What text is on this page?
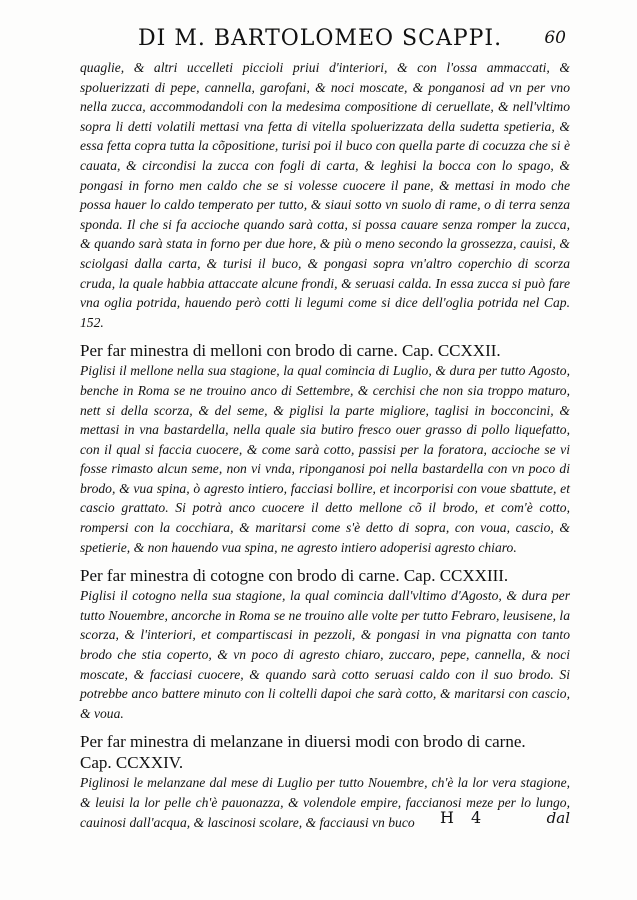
DI M. BARTOLOMEO SCAPPI. 60

quaglie, & altri uccelleti piccioli priui d'interiori, & con l'ossa ammaccati, & spoluerizzati di pepe, cannella, garofani, & noci moscate, & ponganosi ad vn per vno nella zucca, accommodandoli con la medesima compositione di ceruellate, & nell'vltimo sopra li detti volatili mettasi vna fetta di vitella spoluerizzata della sudetta spetieria, & essa fetta copra tutta la cõpositione, turisi poi il buco con quella parte di cocuzza che si è cauata, & circondisi la zucca con fogli di carta, & leghisi la bocca con lo spago, & pongasi in forno men caldo che se si volesse cuocere il pane, & mettasi in modo che possa hauer lo caldo temperato per tutto, & siaui sotto vn suolo di rame, o di terra senza sponda. Il che si fa accioche quando sarà cotta, si possa cauare senza romper la zucca, & quando sarà stata in forno per due hore, & più o meno secondo la grossezza, cauisi, & sciolgasi dalla carta, & turisi il buco, & pongasi sopra vn'altro coperchio di scorza cruda, la quale habbia attaccate alcune frondi, & seruasi calda. In essa zucca si può fare vna oglia potrida, hauendo però cotti li legumi come si dice dell'oglia potrida nel Cap. 152.

Per far minestra di melloni con brodo di carne. Cap. CCXXII.

Piglisi il mellone nella sua stagione, la qual comincia di Luglio, & dura per tutto Agosto, benche in Roma se ne trouino anco di Settembre, & cerchisi che non sia troppo maturo, nett si della scorza, & del seme, & piglisi la parte migliore, taglisi in bocconcini, & mettasi in vna bastardella, nella quale sia butiro fresco ouer grasso di pollo liquefatto, con il qual si faccia cuocere, & come sarà cotto, passisi per la foratora, accioche se vi fosse rimasto alcun seme, non vi vnda, riponganosi poi nella bastardella con vn poco di brodo, & vua spina, ò agresto intiero, facciasi bollire, et incorporisi con voue sbattute, et cascio grattato. Si potrà anco cuocere il detto mellone cõ il brodo, et com'è cotto, rompersi con la cocchiara, & maritarsi come s'è detto di sopra, con voua, cascio, & spetierie, & non hauendo vua spina, ne agresto intiero adoperisi agresto chiaro.

Per far minestra di cotogne con brodo di carne. Cap. CCXXIII.

Piglisi il cotogno nella sua stagione, la qual comincia dall'vltimo d'Agosto, & dura per tutto Nouembre, ancorche in Roma se ne trouino alle volte per tutto Febraro, leusisene, la scorza, & l'interiori, et compartiscasi in pezzoli, & pongasi in vna pignatta con tanto brodo che stia coperto, & vn poco di agresto chiaro, zuccaro, pepe, cannella, & noci moscate, & facciasi cuocere, & quando sarà cotto seruasi caldo con il suo brodo. Si potrebbe anco battere minuto con li coltelli dapoi che sarà cotto, & maritarsi con cascio, & voua.

Per far minestra di melanzane in diuersi modi con brodo di carne.
Cap. CCXXIV.

Piglinosi le melanzane dal mese di Luglio per tutto Nouembre, ch'è la lor vera stagione, & leuisi la lor pelle ch'è pauonazza, & volendole empire, faccianosi meze per lo lungo, cauinosi dall'acqua, & lascinosi scolare, & facciausi vn buco	H 4	dal
